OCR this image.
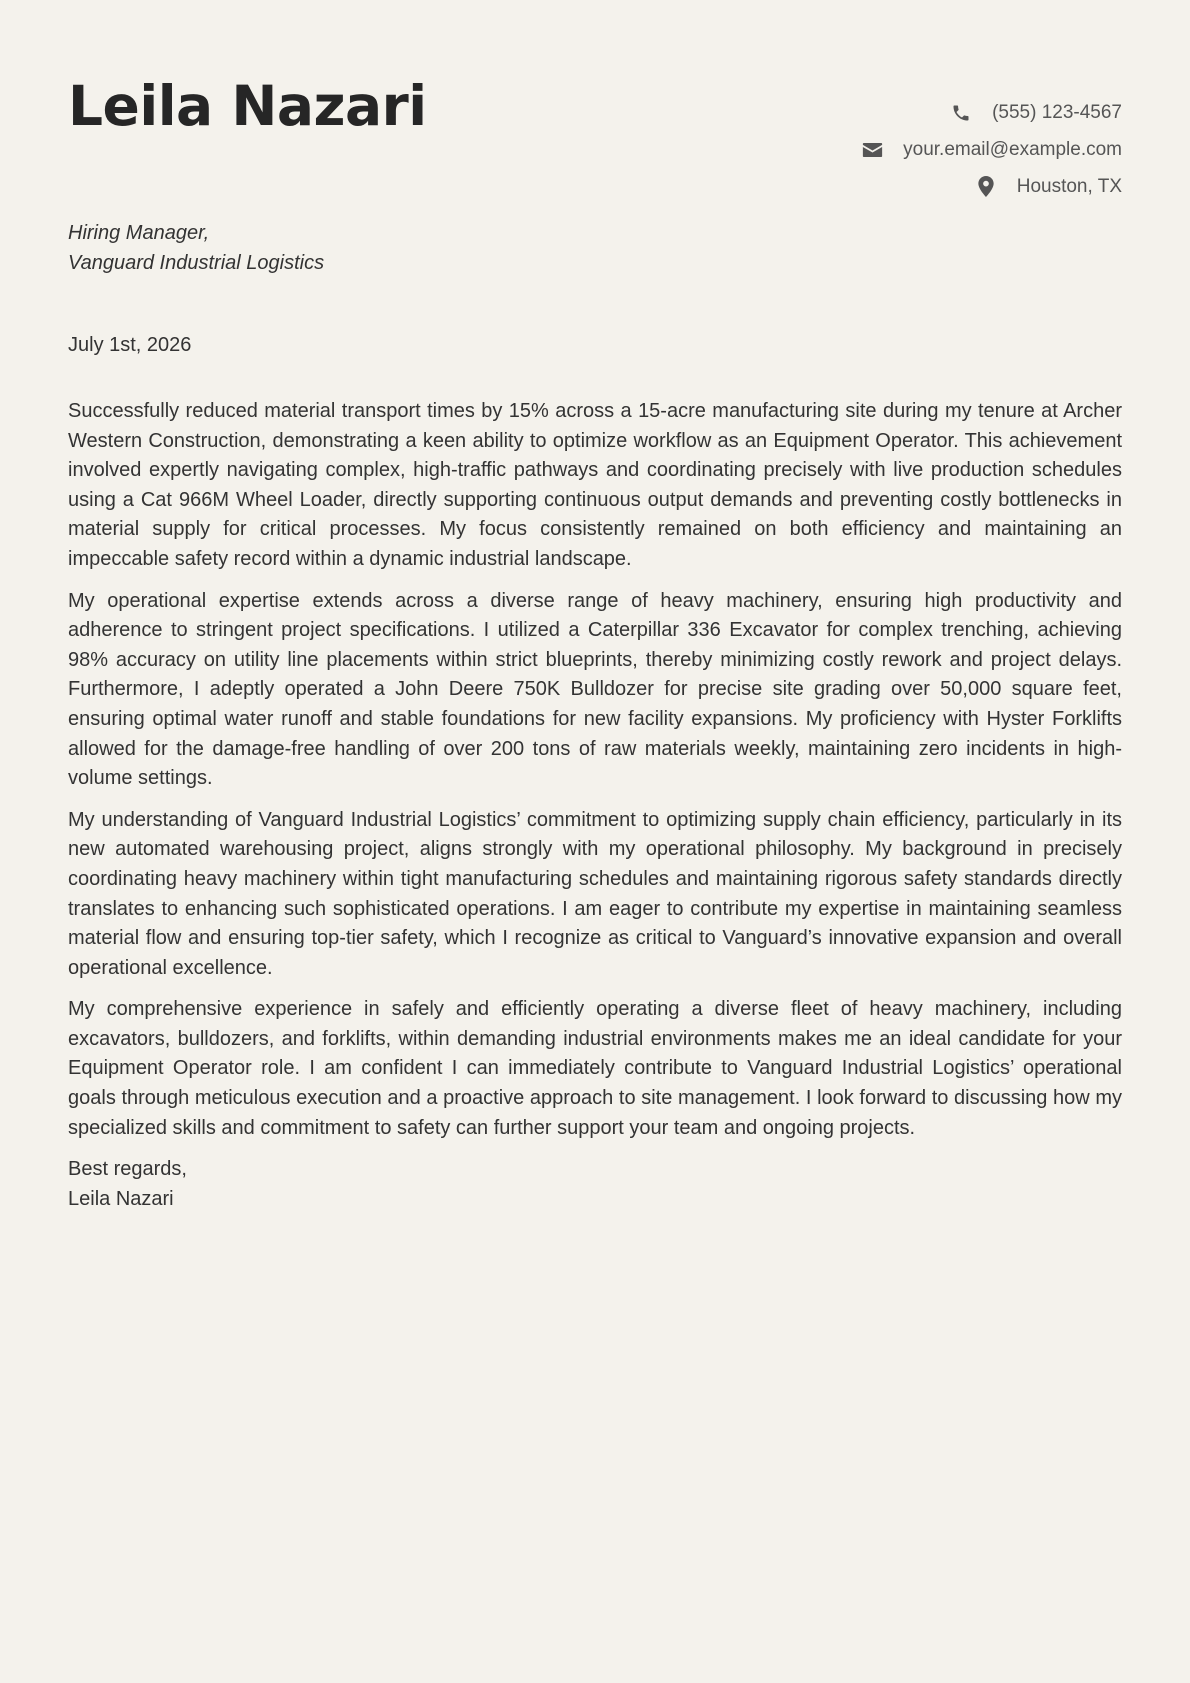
Leila Nazari	(555) 123-4567
your.email@example.com
Houston, TX
Hiring Manager,
Vanguard Industrial Logistics
July 1st, 2026

Successfully reduced material transport times by 15% across a 15-acre manufacturing site during my tenure at Archer Western Construction, demonstrating a keen ability to optimize workflow as an Equipment Operator. This achievement involved expertly navigating complex, high-traffic pathways and coordinating precisely with live production schedules using a Cat 966M Wheel Loader, directly supporting continuous output demands and preventing costly bottlenecks in material supply for critical processes. My focus consistently remained on both efficiency and maintaining an impeccable safety record within a dynamic industrial landscape.

My operational expertise extends across a diverse range of heavy machinery, ensuring high productivity and adherence to stringent project specifications. I utilized a Caterpillar 336 Excavator for complex trenching, achieving 98% accuracy on utility line placements within strict blueprints, thereby minimizing costly rework and project delays. Furthermore, I adeptly operated a John Deere 750K Bulldozer for precise site grading over 50,000 square feet, ensuring optimal water runoff and stable foundations for new facility expansions. My proficiency with Hyster Forklifts allowed for the damage-free handling of over 200 tons of raw materials weekly, maintaining zero incidents in high-volume settings.

My understanding of Vanguard Industrial Logistics’ commitment to optimizing supply chain efficiency, particularly in its new automated warehousing project, aligns strongly with my operational philosophy. My background in precisely coordinating heavy machinery within tight manufacturing schedules and maintaining rigorous safety standards directly translates to enhancing such sophisticated operations. I am eager to contribute my expertise in maintaining seamless material flow and ensuring top-tier safety, which I recognize as critical to Vanguard’s innovative expansion and overall operational excellence.

My comprehensive experience in safely and efficiently operating a diverse fleet of heavy machinery, including excavators, bulldozers, and forklifts, within demanding industrial environments makes me an ideal candidate for your Equipment Operator role. I am confident I can immediately contribute to Vanguard Industrial Logistics’ operational goals through meticulous execution and a proactive approach to site management. I look forward to discussing how my specialized skills and commitment to safety can further support your team and ongoing projects.

Best regards,
Leila Nazari
